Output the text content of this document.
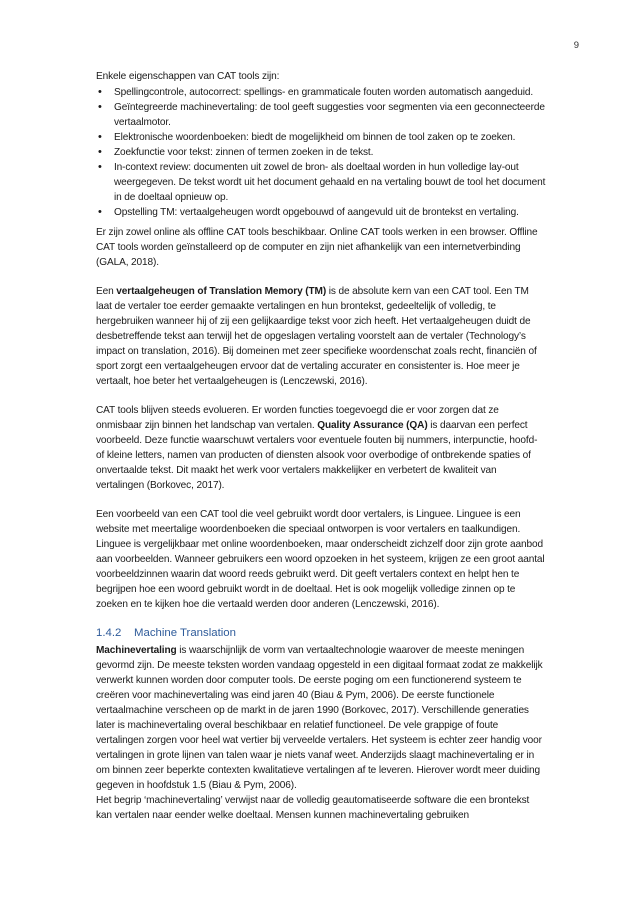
9

Enkele eigenschappen van CAT tools zijn:

• Spellingcontrole, autocorrect: spellings- en grammaticale fouten worden automatisch aangeduid.
• Geïntegreerde machinevertaling: de tool geeft suggesties voor segmenten via een geconnecteerde vertaalmotor.
• Elektronische woordenboeken: biedt de mogelijkheid om binnen de tool zaken op te zoeken.
• Zoekfunctie voor tekst: zinnen of termen zoeken in de tekst.
• In-context review: documenten uit zowel de bron- als doeltaal worden in hun volledige lay-out weergegeven. De tekst wordt uit het document gehaald en na vertaling bouwt de tool het document in de doeltaal opnieuw op.
• Opstelling TM: vertaalgeheugen wordt opgebouwd of aangevuld uit de brontekst en vertaling.

Er zijn zowel online als offline CAT tools beschikbaar. Online CAT tools werken in een browser. Offline CAT tools worden geïnstalleerd op de computer en zijn niet afhankelijk van een internetverbinding (GALA, 2018).

Een vertaalgeheugen of Translation Memory (TM) is de absolute kern van een CAT tool. Een TM laat de vertaler toe eerder gemaakte vertalingen en hun brontekst, gedeeltelijk of volledig, te hergebruiken wanneer hij of zij een gelijkaardige tekst voor zich heeft. Het vertaalgeheugen duidt de desbetreffende tekst aan terwijl het de opgeslagen vertaling voorstelt aan de vertaler (Technology’s impact on translation, 2016). Bij domeinen met zeer specifieke woordenschat zoals recht, financiën of sport zorgt een vertaalgeheugen ervoor dat de vertaling accurater en consistenter is. Hoe meer je vertaalt, hoe beter het vertaalgeheugen is (Lenczewski, 2016).

CAT tools blijven steeds evolueren. Er worden functies toegevoegd die er voor zorgen dat ze onmisbaar zijn binnen het landschap van vertalen. Quality Assurance (QA) is daarvan een perfect voorbeeld. Deze functie waarschuwt vertalers voor eventuele fouten bij nummers, interpunctie, hoofd- of kleine letters, namen van producten of diensten alsook voor overbodige of ontbrekende spaties of onvertaalde tekst. Dit maakt het werk voor vertalers makkelijker en verbetert de kwaliteit van vertalingen (Borkovec, 2017).

Een voorbeeld van een CAT tool die veel gebruikt wordt door vertalers, is Linguee. Linguee is een website met meertalige woordenboeken die speciaal ontworpen is voor vertalers en taalkundigen. Linguee is vergelijkbaar met online woordenboeken, maar onderscheidt zichzelf door zijn grote aanbod aan voorbeelden. Wanneer gebruikers een woord opzoeken in het systeem, krijgen ze een groot aantal voorbeeldzinnen waarin dat woord reeds gebruikt werd. Dit geeft vertalers context en helpt hen te begrijpen hoe een woord gebruikt wordt in de doeltaal. Het is ook mogelijk volledige zinnen op te zoeken en te kijken hoe die vertaald werden door anderen (Lenczewski, 2016).

1.4.2 Machine Translation

Machinevertaling is waarschijnlijk de vorm van vertaaltechnologie waarover de meeste meningen gevormd zijn. De meeste teksten worden vandaag opgesteld in een digitaal formaat zodat ze makkelijk verwerkt kunnen worden door computer tools. De eerste poging om een functionerend systeem te creëren voor machinevertaling was eind jaren 40 (Biau & Pym, 2006). De eerste functionele vertaalmachine verscheen op de markt in de jaren 1990 (Borkovec, 2017). Verschillende generaties later is machinevertaling overal beschikbaar en relatief functioneel. De vele grappige of foute vertalingen zorgen voor heel wat vertier bij verveelde vertalers. Het systeem is echter zeer handig voor vertalingen in grote lijnen van talen waar je niets vanaf weet. Anderzijds slaagt machinevertaling er in om binnen zeer beperkte contexten kwalitatieve vertalingen af te leveren. Hierover wordt meer duiding gegeven in hoofdstuk 1.5 (Biau & Pym, 2006).

Het begrip ‘machinevertaling’ verwijst naar de volledig geautomatiseerde software die een brontekst kan vertalen naar eender welke doeltaal. Mensen kunnen machinevertaling gebruiken
